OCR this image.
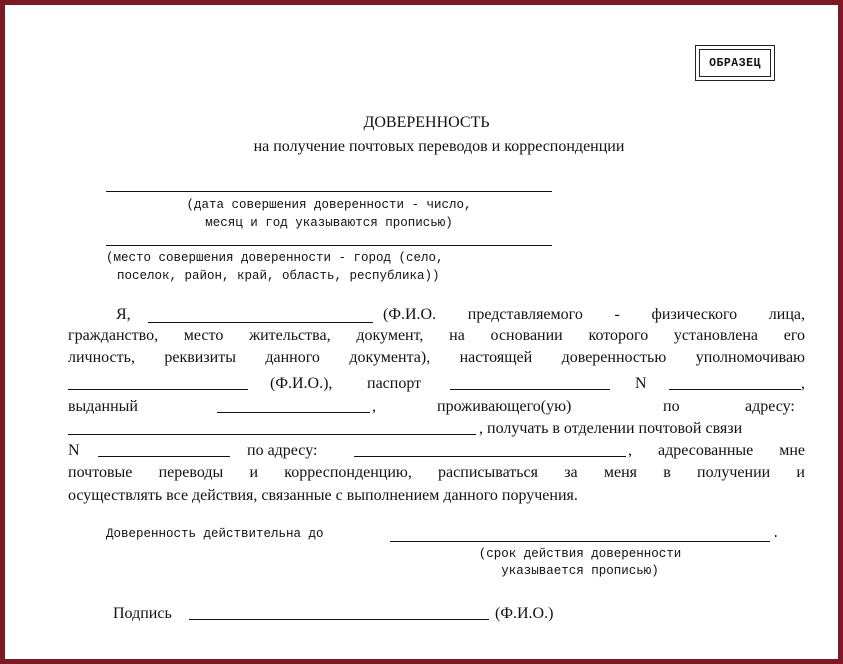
ОБРАЗЕЦ
ДОВЕРЕННОСТЬ
на получение почтовых переводов и корреспонденции
(дата совершения доверенности - число,
месяц и год указываются прописью)
(место совершения доверенности - город (село,
поселок, район, край, область, республика))
Я,	(Ф.И.О. представляемого - физического лица,
гражданство, место жительства, документ, на основании которого установлена его
личность, реквизиты данного документа), настоящей доверенностью уполномочиваю
(Ф.И.О.), паспорт	N	,
выданный	,	проживающего(ую)	по	адресу:
, получать в отделении почтовой связи
N	по адресу:	, адресованные мне
почтовые переводы и корреспонденцию, расписываться за меня в получении и
осуществлять все действия, связанные с выполнением данного поручения.
Доверенность действительна до	.
(срок действия доверенности
указывается прописью)
Подпись	(Ф.И.О.)
